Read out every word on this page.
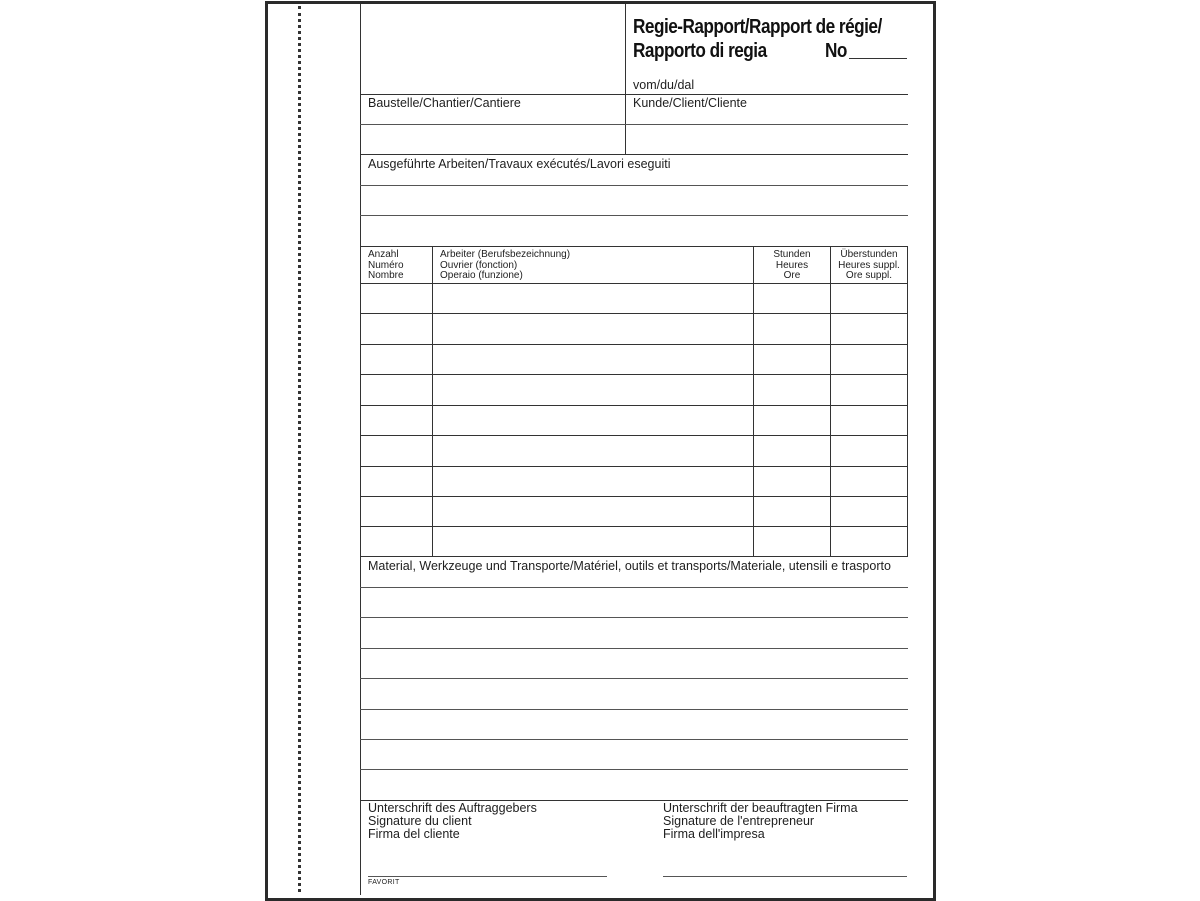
Regie-Rapport/Rapport de régie/
Rapporto di regia	No
vom/du/dal
Baustelle/Chantier/Cantiere	Kunde/Client/Cliente
Ausgeführte Arbeiten/Travaux exécutés/Lavori eseguiti
Anzahl
Numéro
Nombre
Arbeiter (Berufsbezeichnung)
Ouvrier (fonction)
Operaio (funzione)
Stunden
Heures
Ore
Überstunden
Heures suppl.
Ore suppl.
Material, Werkzeuge und Transporte/Matériel, outils et transports/Materiale, utensili e trasporto
Unterschrift des Auftraggebers
Signature du client
Firma del cliente
Unterschrift der beauftragten Firma
Signature de l'entrepreneur
Firma dell'impresa
FAVORIT
